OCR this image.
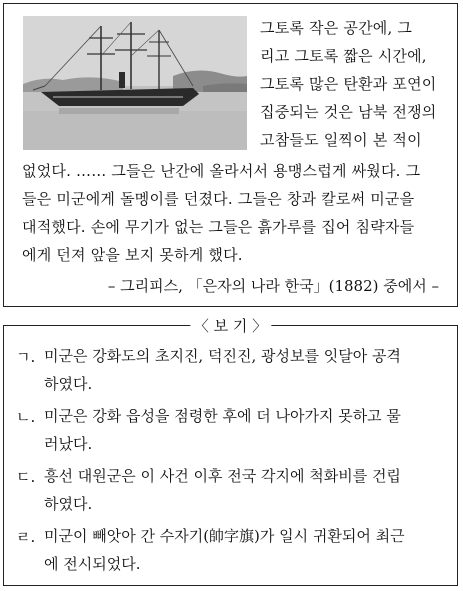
그토록 작은 공간에, 그
리고 그토록 짧은 시간에,
그토록 많은 탄환과 포연이
집중되는 것은 남북 전쟁의
고참들도 일찍이 본 적이
없었다. …… 그들은 난간에 올라서서 용맹스럽게 싸웠다. 그
들은 미군에게 돌멩이를 던졌다. 그들은 창과 칼로써 미군을
대적했다. 손에 무기가 없는 그들은 흙가루를 집어 침략자들
에게 던져 앞을 보지 못하게 했다.
– 그리피스, 「은자의 나라 한국」(1882) 중에서 –
〈 보 기 〉
ㄱ. 미군은 강화도의 초지진, 덕진진, 광성보를 잇달아 공격
하였다.
ㄴ. 미군은 강화 읍성을 점령한 후에 더 나아가지 못하고 물
러났다.
ㄷ. 흥선 대원군은 이 사건 이후 전국 각지에 척화비를 건립
하였다.
ㄹ. 미군이 빼앗아 간 수자기(帥字旗)가 일시 귀환되어 최근
에 전시되었다.
